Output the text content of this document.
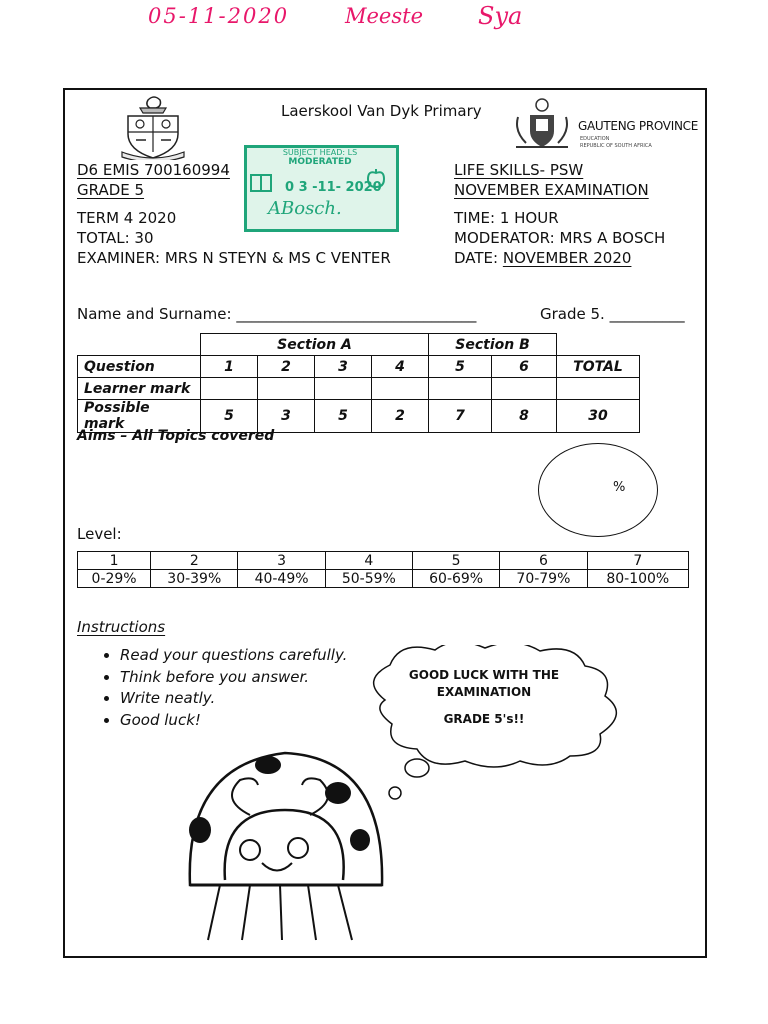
05-11-2020	Meeste Sya
Laerskool Van Dyk Primary
GAUTENG PROVINCE
EDUCATION
REPUBLIC OF SOUTH AFRICA
SUBJECT HEAD: LS
MODERATED
0 3 -11- 2020
ABosch.
D6 EMIS 700160994
GRADE 5
TERM 4 2020
TOTAL: 30
EXAMINER: MRS N STEYN & MS C VENTER
LIFE SKILLS- PSW
NOVEMBER EXAMINATION
TIME: 1 HOUR
MODERATOR: MRS A BOSCH
DATE: NOVEMBER 2020
Name and Surname: ________________________________	Grade 5. __________
	Section A				Section B		
Question	1	2	3	4	5	6	TOTAL
Learner mark							
Possible mark	5	3	5	2	7	8	30
Aims – All Topics covered
%
Level:
1	2	3	4	5	6	7
0-29%	30-39%	40-49%	50-59%	60-69%	70-79%	80-100%
Instructions
• Read your questions carefully.
• Think before you answer.
• Write neatly.
• Good luck!
GOOD LUCK WITH THE
EXAMINATION
GRADE 5's!!
